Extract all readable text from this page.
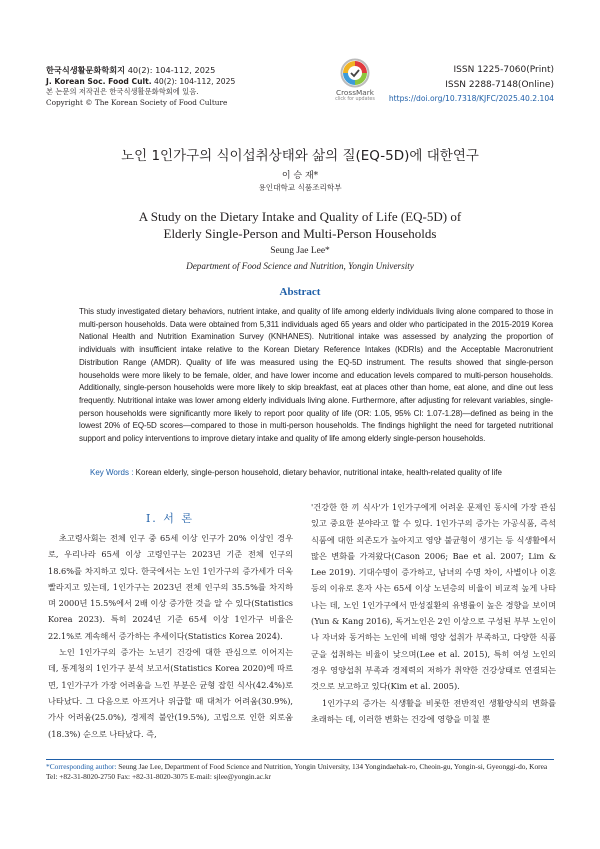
한국식생활문화학회지 40(2): 104-112, 2025
J. Korean Soc. Food Cult. 40(2): 104-112, 2025
본 논문의 저작권은 한국식생활문화학회에 있음.
Copyright © The Korean Society of Food Culture
CrossMark
click for updates
ISSN 1225-7060(Print)
ISSN 2288-7148(Online)
https://doi.org/10.7318/KJFC/2025.40.2.104
노인 1인가구의 식이섭취상태와 삶의 질(EQ-5D)에 대한연구
이 승 재*
용인대학교 식품조리학부
A Study on the Dietary Intake and Quality of Life (EQ-5D) of
Elderly Single-Person and Multi-Person Households
Seung Jae Lee*
Department of Food Science and Nutrition, Yongin University
Abstract
This study investigated dietary behaviors, nutrient intake, and quality of life among elderly individuals living alone compared to those in multi-person households. Data were obtained from 5,311 individuals aged 65 years and older who participated in the 2015-2019 Korea National Health and Nutrition Examination Survey (KNHANES). Nutritional intake was assessed by analyzing the proportion of individuals with insufficient intake relative to the Korean Dietary Reference Intakes (KDRIs) and the Acceptable Macronutrient Distribution Range (AMDR). Quality of life was measured using the EQ-5D instrument. The results showed that single-person households were more likely to be female, older, and have lower income and education levels compared to multi-person households. Additionally, single-person households were more likely to skip breakfast, eat at places other than home, eat alone, and dine out less frequently. Nutritional intake was lower among elderly individuals living alone. Furthermore, after adjusting for relevant variables, single-person households were significantly more likely to report poor quality of life (OR: 1.05, 95% CI: 1.07-1.28)—defined as being in the lowest 20% of EQ-5D scores—compared to those in multi-person households. The findings highlight the need for targeted nutritional support and policy interventions to improve dietary intake and quality of life among elderly single-person households.
Key Words : Korean elderly, single-person household, dietary behavior, nutritional intake, health-related quality of life
I. 서 론

초고령사회는 전체 인구 중 65세 이상 인구가 20% 이상인 경우로, 우리나라 65세 이상 고령인구는 2023년 기준 전체 인구의 18.6%를 차지하고 있다. 한국에서는 노인 1인가구의 증가세가 더욱 빨라지고 있는데, 1인가구는 2023년 전체 인구의 35.5%를 차지하며 2000년 15.5%에서 2배 이상 증가한 것을 알 수 있다(Statistics Korea 2023). 특히 2024년 기준 65세 이상 1인가구 비율은 22.1%로 계속해서 증가하는 추세이다(Statistics Korea 2024).

노인 1인가구의 증가는 노년기 건강에 대한 관심으로 이어지는 데, 통계청의 1인가구 분석 보고서(Statistics Korea 2020)에 따르면, 1인가구가 가장 어려움을 느낀 부분은 균형 잡힌 식사(42.4%)로 나타났다. 그 다음으로 아프거나 위급할 때 대처가 어려움(30.9%), 가사 어려움(25.0%), 경제적 불안(19.5%), 고립으로 인한 외로움(18.3%) 순으로 나타났다. 즉,

'건강한 한 끼 식사'가 1인가구에게 어려운 문제인 동시에 가장 관심있고 중요한 분야라고 할 수 있다. 1인가구의 증가는 가공식품, 즉석식품에 대한 의존도가 높아지고 영양 불균형이 생기는 등 식생활에서 많은 변화를 가져왔다(Cason 2006; Bae et al. 2007; Lim & Lee 2019). 기대수명이 증가하고, 남녀의 수명 차이, 사별이나 이혼 등의 이유로 혼자 사는 65세 이상 노년층의 비율이 비교적 높게 나타나는 데, 노인 1인가구에서 만성질환의 유병률이 높은 경향을 보이며(Yun & Kang 2016), 독거노인은 2인 이상으로 구성된 부부 노인이나 자녀와 동거하는 노인에 비해 영양 섭취가 부족하고, 다양한 식품군을 섭취하는 비율이 낮으며(Lee et al. 2015), 특히 여성 노인의 경우 영양섭취 부족과 경제력의 저하가 취약한 건강상태로 연결되는 것으로 보고하고 있다(Kim et al. 2005).

1인가구의 증가는 식생활을 비롯한 전반적인 생활양식의 변화를 초래하는 데, 이러한 변화는 건강에 영향을 미칠 뿐

*Corresponding author: Seung Jae Lee, Department of Food Science and Nutrition, Yongin University, 134 Yongindaehak-ro, Cheoin-gu, Yongin-si, Gyeonggi-do, Korea Tel: +82-31-8020-2750 Fax: +82-31-8020-3075 E-mail: sjlee@yongin.ac.kr
